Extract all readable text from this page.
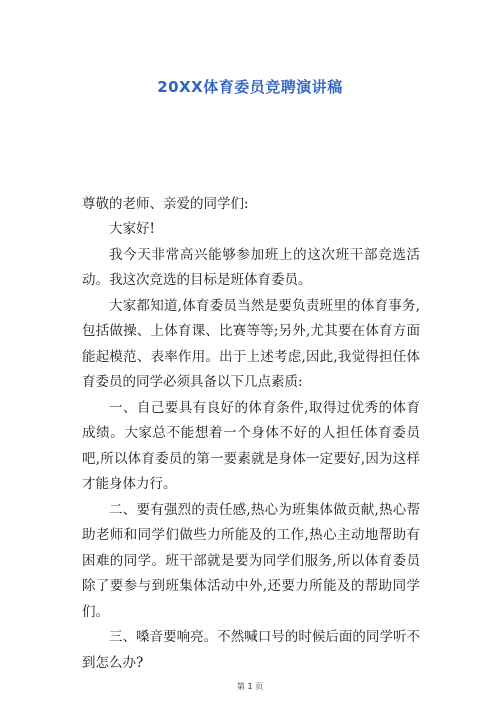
20XX体育委员竞聘演讲稿

尊敬的老师、亲爱的同学们:

大家好!

我今天非常高兴能够参加班上的这次班干部竞选活动。我这次竞选的目标是班体育委员。

大家都知道,体育委员当然是要负责班里的体育事务,包括做操、上体育课、比赛等等;另外,尤其要在体育方面能起模范、表率作用。出于上述考虑,因此,我觉得担任体育委员的同学必须具备以下几点素质:

一、自己要具有良好的体育条件,取得过优秀的体育成绩。大家总不能想着一个身体不好的人担任体育委员吧,所以体育委员的第一要素就是身体一定要好,因为这样才能身体力行。

二、要有强烈的责任感,热心为班集体做贡献,热心帮助老师和同学们做些力所能及的工作,热心主动地帮助有困难的同学。班干部就是要为同学们服务,所以体育委员除了要参与到班集体活动中外,还要力所能及的帮助同学们。

三、嗓音要响亮。不然喊口号的时候后面的同学听不到怎么办?

第 1 页
